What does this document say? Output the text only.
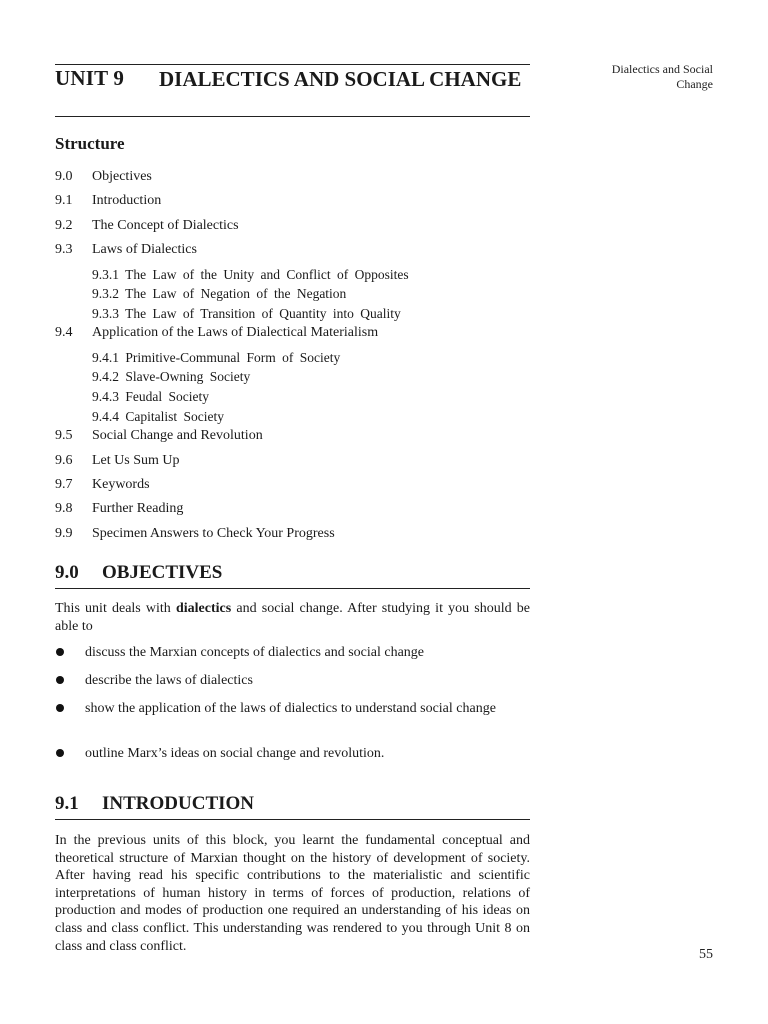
Dialectics and Social
Change
UNIT 9 DIALECTICS AND SOCIAL CHANGE
Structure
9.0 Objectives
9.1 Introduction
9.2 The Concept of Dialectics
9.3 Laws of Dialectics
9.3.1 The Law of the Unity and Conflict of Opposites
9.3.2 The Law of Negation of the Negation
9.3.3 The Law of Transition of Quantity into Quality
9.4 Application of the Laws of Dialectical Materialism
9.4.1 Primitive-Communal Form of Society
9.4.2 Slave-Owning Society
9.4.3 Feudal Society
9.4.4 Capitalist Society
9.5 Social Change and Revolution
9.6 Let Us Sum Up
9.7 Keywords
9.8 Further Reading
9.9 Specimen Answers to Check Your Progress
9.0 OBJECTIVES
This unit deals with dialectics and social change. After studying it you should be able to
discuss the Marxian concepts of dialectics and social change
describe the laws of dialectics
show the application of the laws of dialectics to understand social change
outline Marx’s ideas on social change and revolution.
9.1 INTRODUCTION
In the previous units of this block, you learnt the fundamental conceptual and theoretical structure of Marxian thought on the history of development of society. After having read his specific contributions to the materialistic and scientific interpretations of human history in terms of forces of production, relations of production and modes of production one required an understanding of his ideas on class and class conflict. This understanding was rendered to you through Unit 8 on class and class conflict.
55
